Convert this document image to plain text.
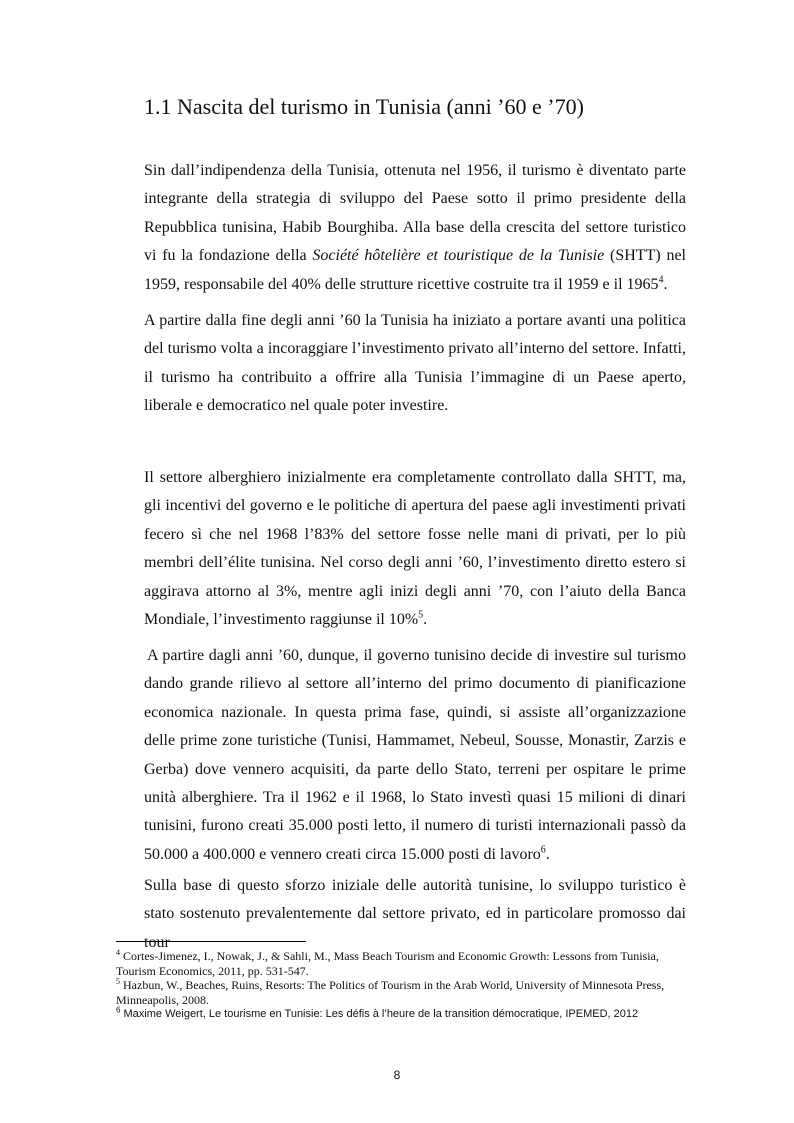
1.1 Nascita del turismo in Tunisia (anni ’60 e ’70)

Sin dall’indipendenza della Tunisia, ottenuta nel 1956, il turismo è diventato parte integrante della strategia di sviluppo del Paese sotto il primo presidente della Repubblica tunisina, Habib Bourghiba. Alla base della crescita del settore turistico vi fu la fondazione della Société hôtelière et touristique de la Tunisie (SHTT) nel 1959, responsabile del 40% delle strutture ricettive costruite tra il 1959 e il 1965$^4$.

A partire dalla fine degli anni ’60 la Tunisia ha iniziato a portare avanti una politica del turismo volta a incoraggiare l’investimento privato all’interno del settore. Infatti, il turismo ha contribuito a offrire alla Tunisia l’immagine di un Paese aperto, liberale e democratico nel quale poter investire.

Il settore alberghiero inizialmente era completamente controllato dalla SHTT, ma, gli incentivi del governo e le politiche di apertura del paese agli investimenti privati fecero sì che nel 1968 l’83% del settore fosse nelle mani di privati, per lo più membri dell’élite tunisina. Nel corso degli anni ’60, l’investimento diretto estero si aggirava attorno al 3%, mentre agli inizi degli anni ’70, con l’aiuto della Banca Mondiale, l’investimento raggiunse il 10%$^5$.

A partire dagli anni ’60, dunque, il governo tunisino decide di investire sul turismo dando grande rilievo al settore all’interno del primo documento di pianificazione economica nazionale. In questa prima fase, quindi, si assiste all’organizzazione delle prime zone turistiche (Tunisi, Hammamet, Nebeul, Sousse, Monastir, Zarzis e Gerba) dove vennero acquisiti, da parte dello Stato, terreni per ospitare le prime unità alberghiere. Tra il 1962 e il 1968, lo Stato investì quasi 15 milioni di dinari tunisini, furono creati 35.000 posti letto, il numero di turisti internazionali passò da 50.000 a 400.000 e vennero creati circa 15.000 posti di lavoro$^6$.

Sulla base di questo sforzo iniziale delle autorità tunisine, lo sviluppo turistico è stato sostenuto prevalentemente dal settore privato, ed in particolare promosso dai tour

$^4$ Cortes-Jimenez, I., Nowak, J., & Sahli, M., Mass Beach Tourism and Economic Growth: Lessons from Tunisia, Tourism Economics, 2011, pp. 531-547.

$^5$ Hazbun, W., Beaches, Ruins, Resorts: The Politics of Tourism in the Arab World, University of Minnesota Press, Minneapolis, 2008.

$^6$ Maxime Weigert, Le tourisme en Tunisie: Les défis à l’heure de la transition démocratique, IPEMED, 2012

8
